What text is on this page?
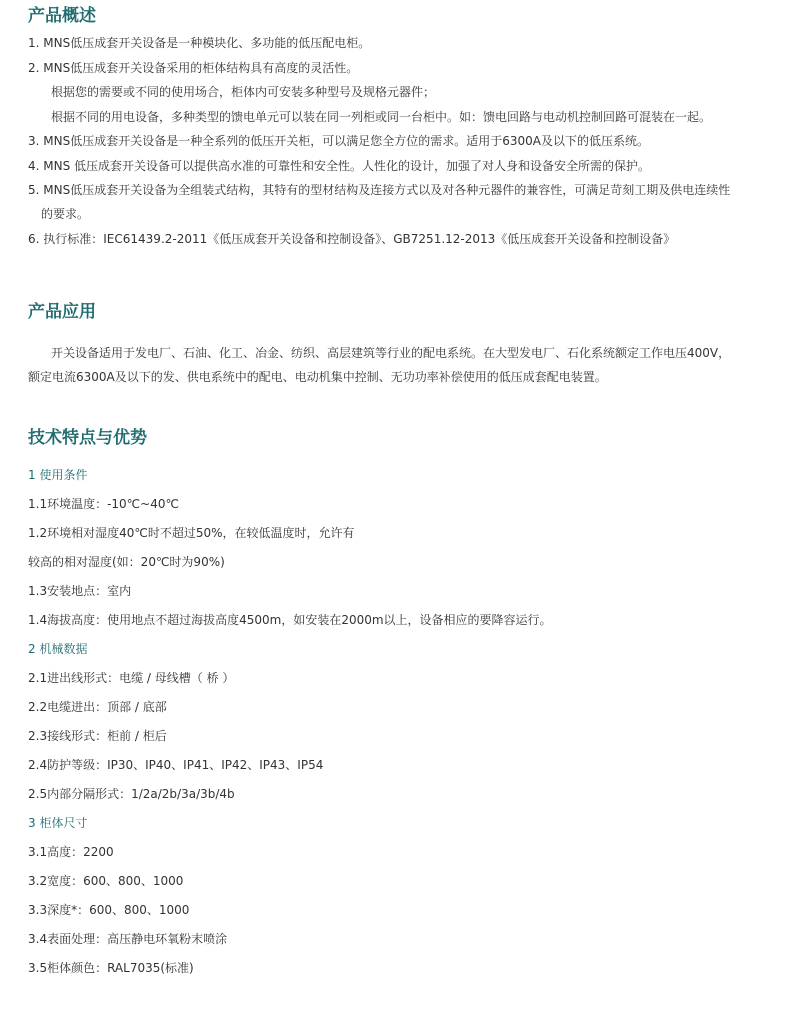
产品概述

1. MNS低压成套开关设备是一种模块化、多功能的低压配电柜。

2. MNS低压成套开关设备采用的柜体结构具有高度的灵活性。

根据您的需要或不同的使用场合，柜体内可安装多种型号及规格元器件；

根据不同的用电设备，多种类型的馈电单元可以装在同一列柜或同一台柜中。如：馈电回路与电动机控制回路可混装在一起。

3. MNS低压成套开关设备是一种全系列的低压开关柜，可以满足您全方位的需求。适用于6300A及以下的低压系统。

4. MNS 低压成套开关设备可以提供高水准的可靠性和安全性。人性化的设计，加强了对人身和设备安全所需的保护。

5. MNS低压成套开关设备为全组装式结构，其特有的型材结构及连接方式以及对各种元器件的兼容性，可满足苛刻工期及供电连续性

的要求。

6. 执行标准：IEC61439.2-2011《低压成套开关设备和控制设备》、GB7251.12-2013《低压成套开关设备和控制设备》

产品应用

开关设备适用于发电厂、石油、化工、冶金、纺织、高层建筑等行业的配电系统。在大型发电厂、石化系统额定工作电压400V，

额定电流6300A及以下的发、供电系统中的配电、电动机集中控制、无功功率补偿使用的低压成套配电装置。

技术特点与优势

1 使用条件

1.1环境温度：-10℃~40℃

1.2环境相对湿度40℃时不超过50%，在较低温度时，允许有

较高的相对湿度(如：20℃时为90%)

1.3安装地点：室内

1.4海拔高度：使用地点不超过海拔高度4500m，如安装在2000m以上，设备相应的要降容运行。

2 机械数据

2.1进出线形式：电缆 / 母线槽（ 桥 ）

2.2电缆进出：顶部 / 底部

2.3接线形式：柜前 / 柜后

2.4防护等级：IP30、IP40、IP41、IP42、IP43、IP54

2.5内部分隔形式：1/2a/2b/3a/3b/4b

3 柜体尺寸

3.1高度：2200

3.2宽度：600、800、1000

3.3深度*：600、800、1000

3.4表面处理：高压静电环氧粉末喷涂

3.5柜体颜色：RAL7035(标准)
